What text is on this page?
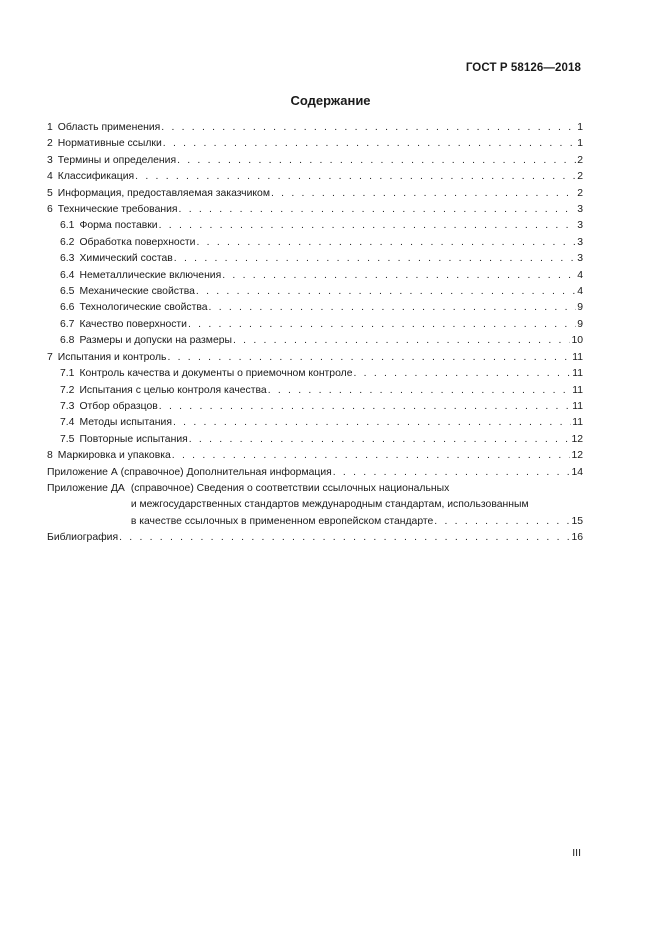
ГОСТ Р 58126—2018
Содержание
1 Область применения . . .	1
2 Нормативные ссылки . . .	1
3 Термины и определения . . .	2
4 Классификация . . .	2
5 Информация, предоставляемая заказчиком . . .	2
6 Технические требования . . .	3
6.1 Форма поставки . . .	3
6.2 Обработка поверхности . . .	3
6.3 Химический состав . . .	3
6.4 Неметаллические включения . . .	4
6.5 Механические свойства . . .	4
6.6 Технологические свойства . . .	9
6.7 Качество поверхности . . .	9
6.8 Размеры и допуски на размеры . . .	10
7 Испытания и контроль . . .	11
7.1 Контроль качества и документы о приемочном контроле . . .	11
7.2 Испытания с целью контроля качества . . .	11
7.3 Отбор образцов . . .	11
7.4 Методы испытания . . .	11
7.5 Повторные испытания . . .	12
8 Маркировка и упаковка . . .	12
Приложение А (справочное) Дополнительная информация . . .	14
Приложение ДА (справочное) Сведения о соответствии ссылочных национальных
и межгосударственных стандартов международным стандартам, использованным
в качестве ссылочных в примененном европейском стандарте . . .	15
Библиография . . .	16
III
